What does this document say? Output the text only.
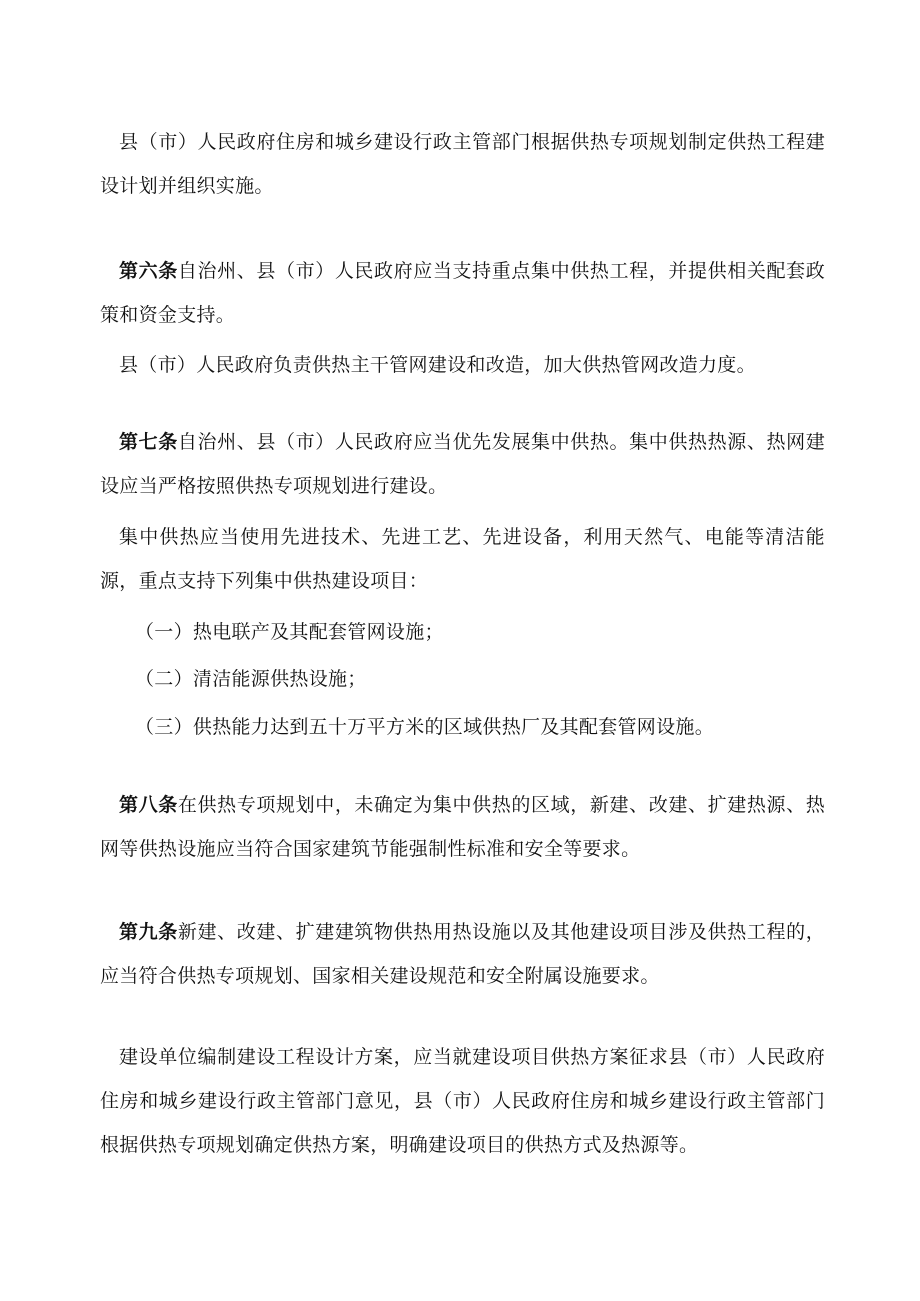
县（市）人民政府住房和城乡建设行政主管部门根据供热专项规划制定供热工程建设计划并组织实施。

第六条自治州、县（市）人民政府应当支持重点集中供热工程，并提供相关配套政策和资金支持。

县（市）人民政府负责供热主干管网建设和改造，加大供热管网改造力度。

第七条自治州、县（市）人民政府应当优先发展集中供热。集中供热热源、热网建设应当严格按照供热专项规划进行建设。

集中供热应当使用先进技术、先进工艺、先进设备，利用天然气、电能等清洁能源，重点支持下列集中供热建设项目：

（一）热电联产及其配套管网设施；

（二）清洁能源供热设施；

（三）供热能力达到五十万平方米的区域供热厂及其配套管网设施。

第八条在供热专项规划中，未确定为集中供热的区域，新建、改建、扩建热源、热网等供热设施应当符合国家建筑节能强制性标准和安全等要求。

第九条新建、改建、扩建建筑物供热用热设施以及其他建设项目涉及供热工程的，应当符合供热专项规划、国家相关建设规范和安全附属设施要求。

建设单位编制建设工程设计方案，应当就建设项目供热方案征求县（市）人民政府住房和城乡建设行政主管部门意见，县（市）人民政府住房和城乡建设行政主管部门根据供热专项规划确定供热方案，明确建设项目的供热方式及热源等。
